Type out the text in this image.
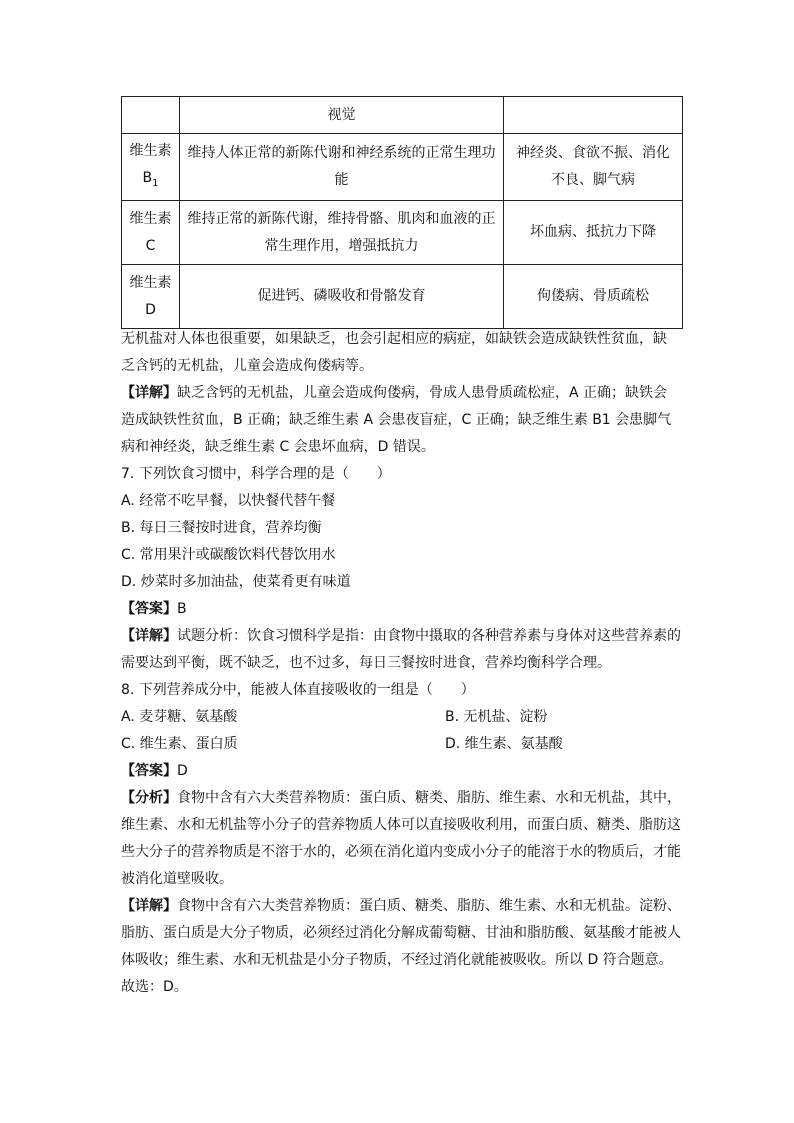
	视觉	
维生素
$B_1$	维持人体正常的新陈代谢和神经系统的正常生理功能	神经炎、食欲不振、消化不良、脚气病
维生素
C	维持正常的新陈代谢，维持骨骼、肌肉和血液的正常生理作用，增强抵抗力	坏血病、抵抗力下降
维生素
D	促进钙、磷吸收和骨骼发育	佝偻病、骨质疏松
无机盐对人体也很重要，如果缺乏，也会引起相应的病症，如缺铁会造成缺铁性贫血，缺
乏含钙的无机盐，儿童会造成佝偻病等。
【详解】缺乏含钙的无机盐，儿童会造成佝偻病，骨成人患骨质疏松症，A 正确；缺铁会
造成缺铁性贫血，B 正确；缺乏维生素 A 会患夜盲症，C 正确；缺乏维生素 B1 会患脚气
病和神经炎，缺乏维生素 C 会患坏血病，D 错误。
7. 下列饮食习惯中，科学合理的是（　　）
A. 经常不吃早餐，以快餐代替午餐
B. 每日三餐按时进食，营养均衡
C. 常用果汁或碳酸饮料代替饮用水
D. 炒菜时多加油盐，使菜肴更有味道
【答案】B
【详解】试题分析：饮食习惯科学是指：由食物中摄取的各种营养素与身体对这些营养素的
需要达到平衡，既不缺乏，也不过多，每日三餐按时进食，营养均衡科学合理。
8. 下列营养成分中，能被人体直接吸收的一组是（　　）
A. 麦芽糖、氨基酸	B. 无机盐、淀粉
C. 维生素、蛋白质	D. 维生素、氨基酸
【答案】D
【分析】食物中含有六大类营养物质：蛋白质、糖类、脂肪、维生素、水和无机盐，其中，
维生素、水和无机盐等小分子的营养物质人体可以直接吸收利用，而蛋白质、糖类、脂肪这
些大分子的营养物质是不溶于水的，必须在消化道内变成小分子的能溶于水的物质后，才能
被消化道壁吸收。
【详解】食物中含有六大类营养物质：蛋白质、糖类、脂肪、维生素、水和无机盐。淀粉、
脂肪、蛋白质是大分子物质，必须经过消化分解成葡萄糖、甘油和脂肪酸、氨基酸才能被人
体吸收；维生素、水和无机盐是小分子物质，不经过消化就能被吸收。所以 D 符合题意。
故选：D。
